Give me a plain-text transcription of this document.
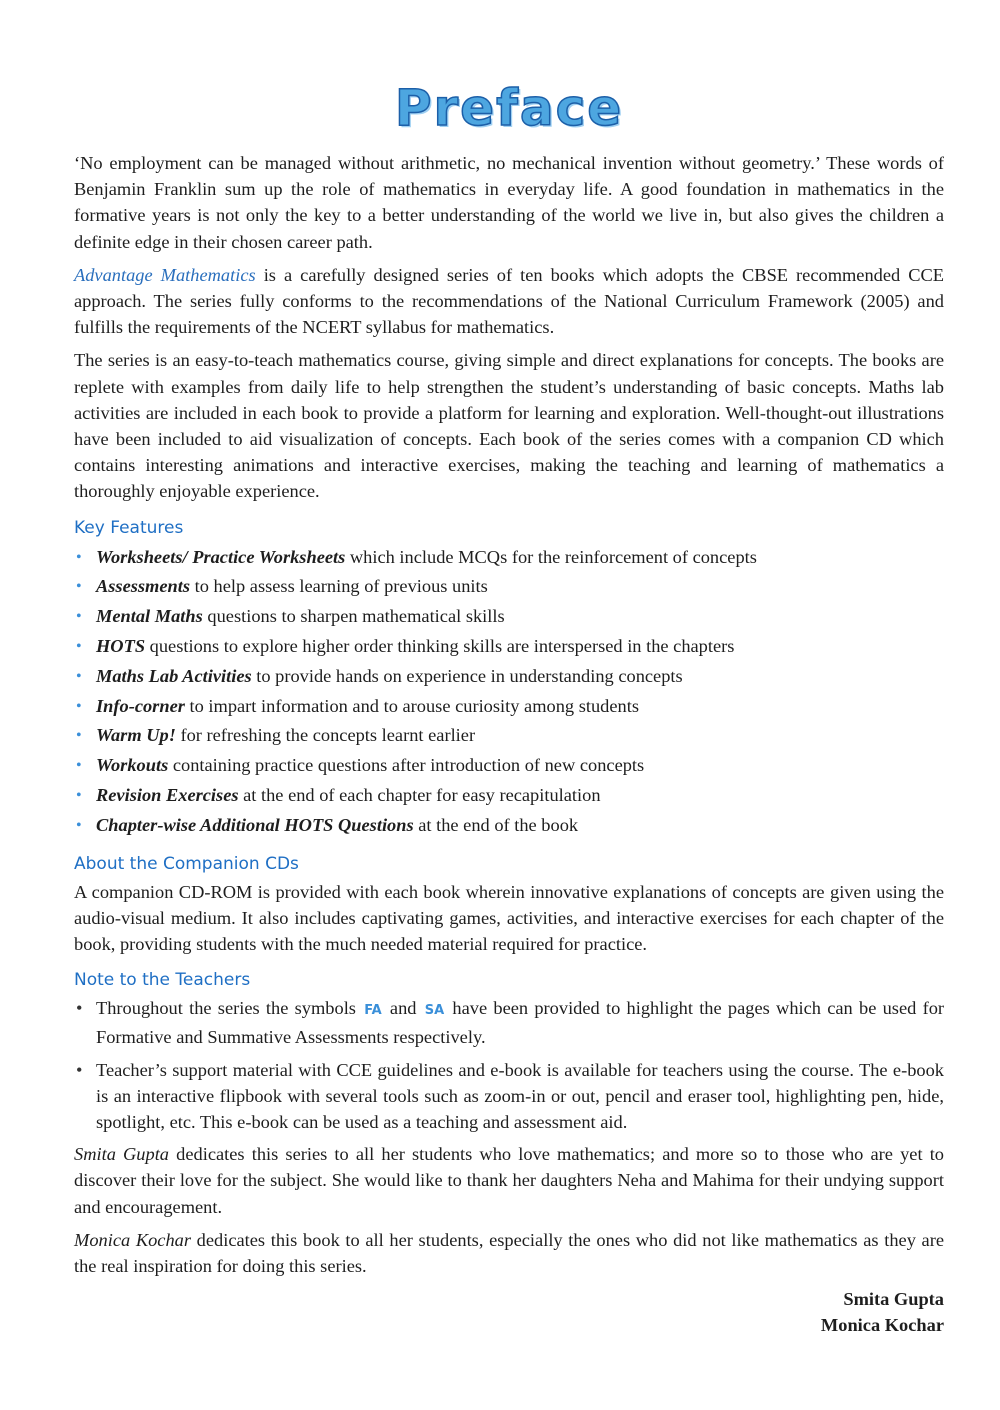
Preface

‘No employment can be managed without arithmetic, no mechanical invention without geometry.’ These words of Benjamin Franklin sum up the role of mathematics in everyday life. A good foundation in mathematics in the formative years is not only the key to a better understanding of the world we live in, but also gives the children a definite edge in their chosen career path.

Advantage Mathematics is a carefully designed series of ten books which adopts the CBSE recommended CCE approach. The series fully conforms to the recommendations of the National Curriculum Framework (2005) and fulfills the requirements of the NCERT syllabus for mathematics.

The series is an easy-to-teach mathematics course, giving simple and direct explanations for concepts. The books are replete with examples from daily life to help strengthen the student’s understanding of basic concepts. Maths lab activities are included in each book to provide a platform for learning and exploration. Well-thought-out illustrations have been included to aid visualization of concepts. Each book of the series comes with a companion CD which contains interesting animations and interactive exercises, making the teaching and learning of mathematics a thoroughly enjoyable experience.

Key Features
• Worksheets/ Practice Worksheets which include MCQs for the reinforcement of concepts
• Assessments to help assess learning of previous units
• Mental Maths questions to sharpen mathematical skills
• HOTS questions to explore higher order thinking skills are interspersed in the chapters
• Maths Lab Activities to provide hands on experience in understanding concepts
• Info-corner to impart information and to arouse curiosity among students
• Warm Up! for refreshing the concepts learnt earlier
• Workouts containing practice questions after introduction of new concepts
• Revision Exercises at the end of each chapter for easy recapitulation
• Chapter-wise Additional HOTS Questions at the end of the book
About the Companion CDs

A companion CD-ROM is provided with each book wherein innovative explanations of concepts are given using the audio-visual medium. It also includes captivating games, activities, and interactive exercises for each chapter of the book, providing students with the much needed material required for practice.

Note to the Teachers
• Throughout the series the symbols FA and SA have been provided to highlight the pages which can be used for Formative and Summative Assessments respectively.
• Teacher’s support material with CCE guidelines and e-book is available for teachers using the course. The e-book is an interactive flipbook with several tools such as zoom-in or out, pencil and eraser tool, highlighting pen, hide, spotlight, etc. This e-book can be used as a teaching and assessment aid.

Smita Gupta dedicates this series to all her students who love mathematics; and more so to those who are yet to discover their love for the subject. She would like to thank her daughters Neha and Mahima for their undying support and encouragement.

Monica Kochar dedicates this book to all her students, especially the ones who did not like mathematics as they are the real inspiration for doing this series.

Smita Gupta
Monica Kochar
